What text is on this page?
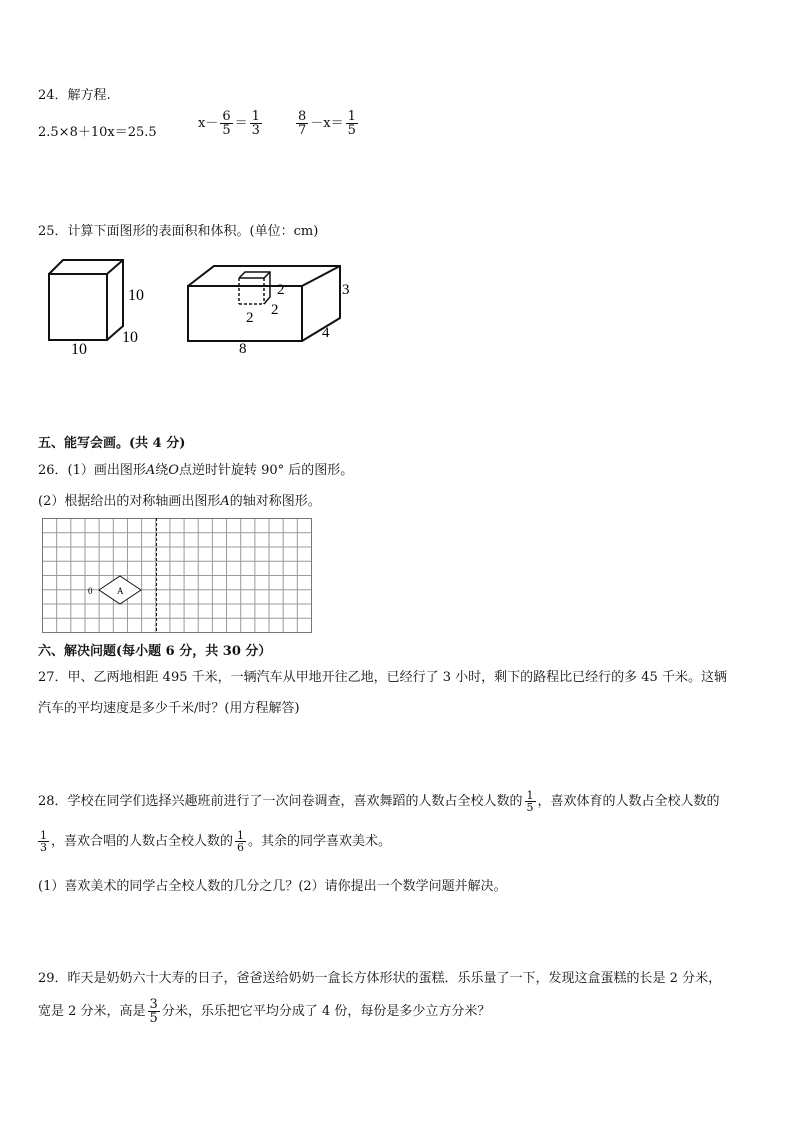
24．解方程.
2.5×8＋10x＝25.5
$x- \frac{6}{5} = \frac{1}{3}$	$\frac{8}{7} -x= \frac{1}{5}$
25．计算下面图形的表面积和体积。(单位：cm)
10
10
10
2
2 2
3
4
8
五、能写会画。(共 4 分)
26．(1）画出图形A绕O点逆时针旋转 90° 后的图形。
(2）根据给出的对称轴画出图形A的轴对称图形。
A
0
六、解决问题(每小题 6 分，共 30 分）
27．甲、乙两地相距 495 千米，一辆汽车从甲地开往乙地，已经行了 3 小时，剩下的路程比已经行的多 45 千米。这辆
汽车的平均速度是多少千米/时？(用方程解答)
28．学校在同学们选择兴趣班前进行了一次问卷调查，喜欢舞蹈的人数占全校人数的 $\frac{1}{5}$ ，喜欢体育的人数占全校人数的
$\frac{1}{3}$ ，喜欢合唱的人数占全校人数的 $\frac{1}{6}$ 。其余的同学喜欢美术。
(1）喜欢美术的同学占全校人数的几分之几？(2）请你提出一个数学问题并解决。
29．昨天是奶奶六十大寿的日子，爸爸送给奶奶一盒长方体形状的蛋糕．乐乐量了一下，发现这盒蛋糕的长是 2 分米，
宽是 2 分米，高是 $\frac{3}{5}$ 分米，乐乐把它平均分成了 4 份，每份是多少立方分米？
